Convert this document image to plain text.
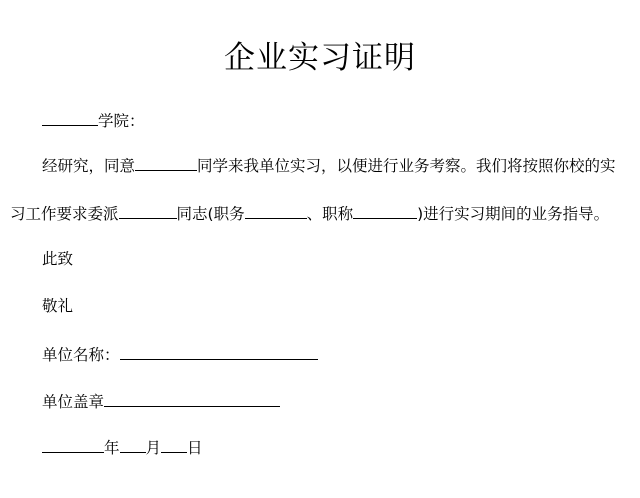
企业实习证明
学院：
经研究，同意	同学来我单位实习，以便进行业务考察。我们将按照你校的实
习工作要求委派	同志(职务	、职称	)进行实习期间的业务指导。
此致
敬礼
单位名称：
单位盖章
年 月 日
